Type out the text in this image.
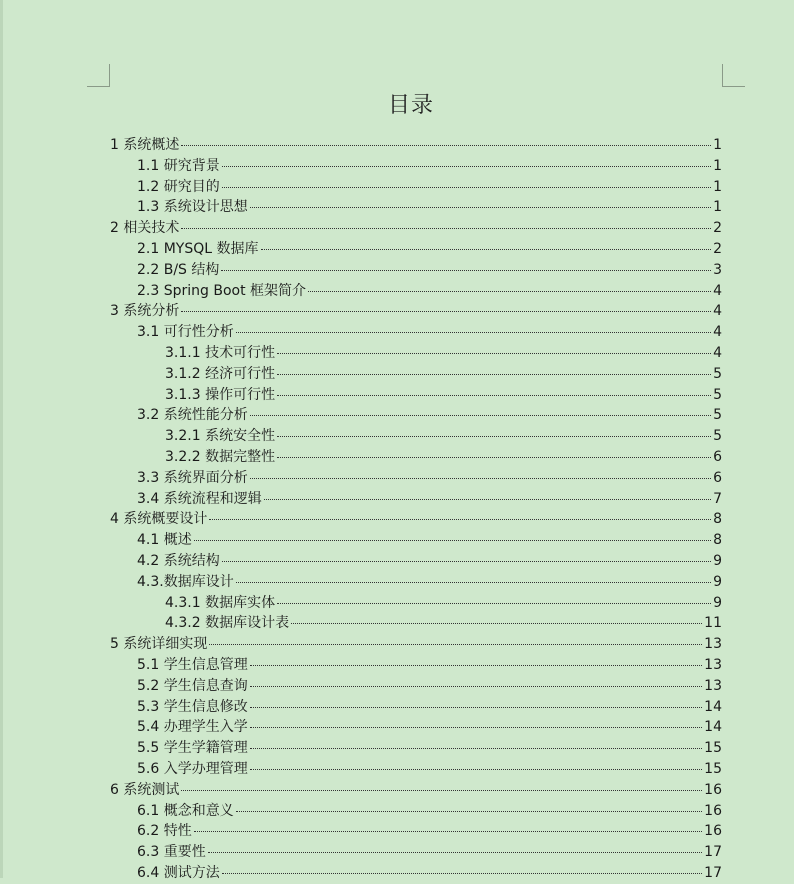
目录
1 系统概述	1
1.1 研究背景	1
1.2 研究目的	1
1.3 系统设计思想	1
2 相关技术	2
2.1 MYSQL 数据库	2
2.2 B/S 结构	3
2.3 Spring Boot 框架简介	4
3 系统分析	4
3.1 可行性分析	4
3.1.1 技术可行性	4
3.1.2 经济可行性	5
3.1.3 操作可行性	5
3.2 系统性能分析	5
3.2.1 系统安全性	5
3.2.2 数据完整性	6
3.3 系统界面分析	6
3.4 系统流程和逻辑	7
4 系统概要设计	8
4.1 概述	8
4.2 系统结构	9
4.3.数据库设计	9
4.3.1 数据库实体	9
4.3.2 数据库设计表	11
5 系统详细实现	13
5.1 学生信息管理	13
5.2 学生信息查询	13
5.3 学生信息修改	14
5.4 办理学生入学	14
5.5 学生学籍管理	15
5.6 入学办理管理	15
6 系统测试	16
6.1 概念和意义	16
6.2 特性	16
6.3 重要性	17
6.4 测试方法	17
